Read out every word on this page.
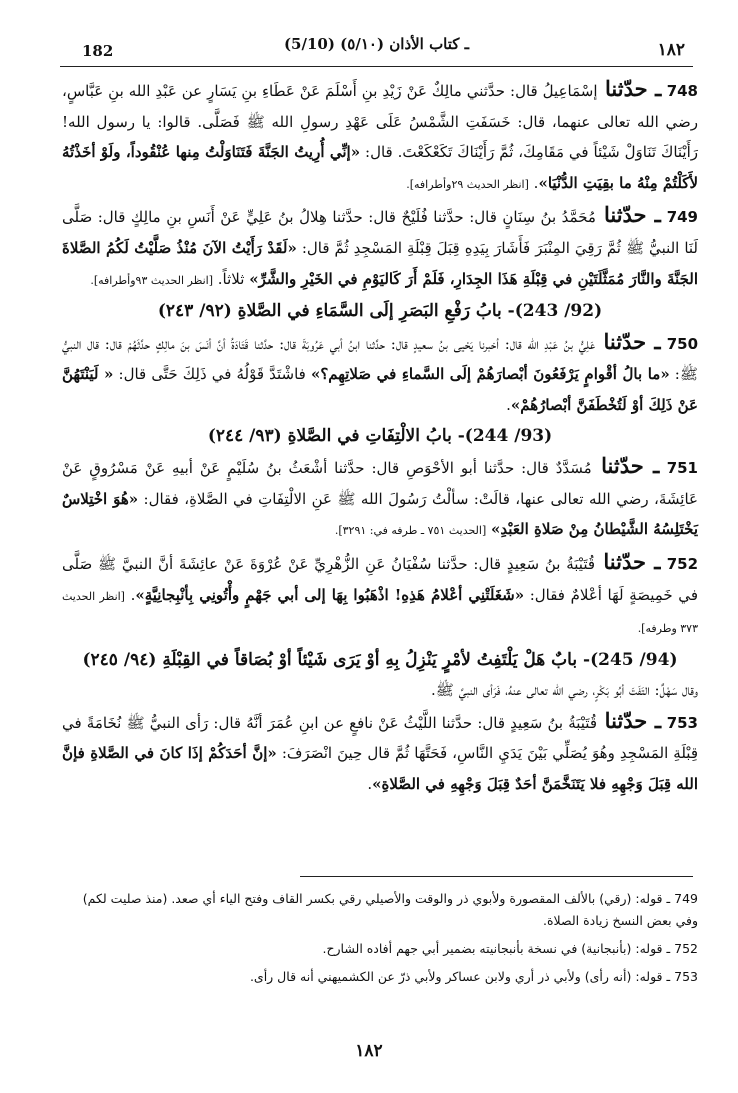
182	(5/10) ـ كتاب الأذان (٥/١٠)	١٨٢

748 ـ حدّثنا إسْمَاعِيلُ قال: حدَّثني مالِكٌ عَنْ زَيْدِ بنِ أَسْلَمَ عَنْ عَطَاءِ بنِ يَسَارٍ عن عَبْدِ الله بنِ عَبَّاسٍ، رضي الله تعالى عنهما، قال: خَسَفَتِ الشَّمْسُ عَلَى عَهْدِ رسولِ الله ﷺ فَصَلَّى. قالوا: يا رسول الله! رَأَيْنَاكَ تَنَاوَلْ شَيْئاً في مَقَامِكَ، ثُمَّ رَأَيْنَاكَ تَكَعْكَعْتَ. قال: «إنِّي أُرِيتُ الجَنَّةَ فَتَنَاوَلْتُ مِنها عُنْقُوداً، ولَوْ أخَذْتُهُ لأَكَلْتُمْ مِنْهُ ما بقِيَتِ الدُّنْيَا». [انظر الحديث ٢٩وأطرافه].

749 ـ حدّثنا مُحَمَّدُ بنُ سِنَانٍ قال: حدَّثنا فُلَيْحٌ قال: حدَّثنا هِلالُ بنُ عَلِيٍّ عَنْ أَنَسِ بنِ مالِكٍ قال: صَلَّى لَنَا النبيُّ ﷺ ثُمَّ رَقِيَ المِنْبَرَ فَأَشَارَ بِيَدِهِ قِبَلَ قِبْلَةِ المَسْجِدِ ثُمَّ قال: «لَقَدْ رَأَيْتُ الآنَ مُنْذُ صَلَّيْتُ لَكُمُ الصَّلاةَ الجَنَّةَ والنَّارَ مُمَثَّلَتَيْنِ في قِبْلَةِ هَذَا الجِدَارِ، فَلَمْ أَرَ كَاليَوْمِ في الخَيْرِ والشَّرِّ» ثلاثاً. [انظر الحديث ٩٣وأطرافه].

(92/ 243)- بابُ رَفْعِ البَصَرِ إلَى السَّمَاءِ في الصَّلاةِ (٩٢/ ٢٤٣)

750 ـ حدّثنا عَلِيُّ بنُ عَبْدِ الله قال: أخبرنا يَحْيى بنُ سعيدٍ قال: حدَّثنا ابنُ أبي عَرُوبَةَ قال: حدَّثنا قَتَادَةُ أنَّ أنَسَ بنَ مالِكٍ حدَّثَهُمْ قال: قال النبيُّ ﷺ: «ما بالُ أقْوامٍ يَرْفَعُونَ أبْصارَهُمْ إلَى السَّماءِ في صَلاتِهِم؟» فاشْتَدَّ قَوْلُهُ في ذَلِكَ حَتَّى قال: « لَيَنْتَهُنَّ عَنْ ذَلِكَ أوْ لَتُخْطَفَنَّ أبْصارُهُمْ».

(93/ 244)- بابُ الالْتِفَاتِ في الصَّلاةِ (٩٣/ ٢٤٤)

751 ـ حدّثنا مُسَدَّدٌ قال: حدَّثنا أبو الأحْوَصِ قال: حدَّثنا أشْعَثُ بنُ سُلَيْمٍ عَنْ أبيهِ عَنْ مَسْرُوقٍ عَنْ عَائِشَةَ، رضي الله تعالى عنها، قالَتْ: سألْتُ رَسُولَ الله ﷺ عَنِ الالْتِفَاتِ في الصَّلاةِ، فقال: «هُوَ اخْتِلاسٌ يَخْتَلِسُهُ الشَّيْطانُ مِنْ صَلاةِ العَبْدِ» [الحديث ٧٥١ ـ طرفه في: ٣٢٩١].

752 ـ حدّثنا قُتَيْبَةُ بنُ سَعِيدٍ قال: حدَّثنا سُفْيَانُ عَنِ الزُّهْرِيِّ عَنْ عُرْوَةَ عَنْ عائِشَةَ أنَّ النبيَّ ﷺ صَلَّى في خَمِيصَةٍ لَهَا أعْلامٌ فقال: «شَغَلَتْنِي أعْلامُ هَذِهِ! اذْهَبُوا بِهَا إلى أبي جَهْمٍ وأْتُونِي بِأنْبِجانِيَّةٍ». [انظر الحديث ٣٧٣ وطرفه].

(94/ 245)- بابٌ هَلْ يَلْتَفِتُ لأمْرٍ يَنْزِلُ بِهِ أوْ يَرَى شَيْئاً أوْ بُصَاقاً في القِبْلَةِ (٩٤/ ٢٤٥)

وقال سَهْلٌ: التَفَتَ أبُو بَكْرٍ، رضي الله تعالى عنهُ، فَرَأى النبيَّ ﷺ.

753 ـ حدّثنا قُتَيْبَةُ بنُ سَعِيدٍ قال: حدَّثنا اللَّيْثُ عَنْ نافعٍ عن ابنِ عُمَرَ أنَّهُ قال: رَأى النبيُّ ﷺ نُخَامَةً في قِبْلَةِ المَسْجِدِ وهُوَ يُصَلِّي بَيْنَ يَدَيِ النَّاسِ، فَحَتَّهَا ثُمَّ قال حِينَ انْصَرَفَ: «إنَّ أحَدَكُمْ إذَا كانَ في الصَّلاةِ فإنَّ الله قِبَلَ وَجْهِهِ فلا يَتَنَخَّمَنَّ أحَدٌ قِبَلَ وَجْهِهِ في الصَّلاةِ».

749 ـ قوله: (رقي) بالألف المقصورة ولأبوي ذر والوقت والأصيلي رقي بكسر القاف وفتح الياء أي صعد. (منذ صليت لكم) وفي بعض النسخ زيادة الصلاة.

752 ـ قوله: (بأنبجانية) في نسخة بأنبجانيته بضمير أبي جهم أفاده الشارح.

753 ـ قوله: (أنه رأى) ولأبي ذر أري ولابن عساكر ولأبي ذرّ عن الكشميهني أنه قال رأى.

١٨٢
